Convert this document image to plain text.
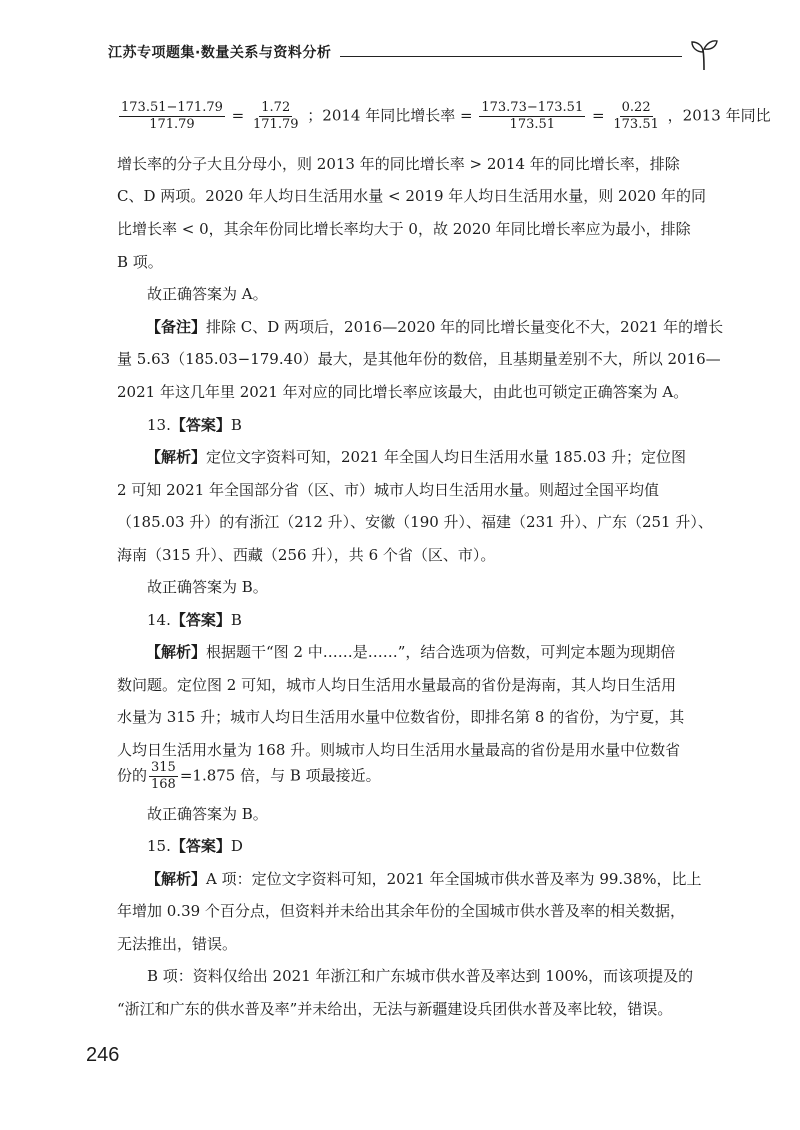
江苏专项题集·数量关系与资料分析
$\frac{173.51-171.79}{171.79} = \frac{1.72}{171.79}$ ；2014 年同比增长率 = $\frac{173.73-173.51}{173.51} = \frac{0.22}{173.51}$ ，2013 年同比
增长率的分子大且分母小，则 2013 年的同比增长率 > 2014 年的同比增长率，排除
C、D 两项。2020 年人均日生活用水量 < 2019 年人均日生活用水量，则 2020 年的同
比增长率 < 0，其余年份同比增长率均大于 0，故 2020 年同比增长率应为最小，排除
B 项。
故正确答案为 A。
【备注】排除 C、D 两项后，2016—2020 年的同比增长量变化不大，2021 年的增长
量 5.63（185.03−179.40）最大，是其他年份的数倍，且基期量差别不大，所以 2016—
2021 年这几年里 2021 年对应的同比增长率应该最大，由此也可锁定正确答案为 A。
13.【答案】B
【解析】定位文字资料可知，2021 年全国人均日生活用水量 185.03 升；定位图
2 可知 2021 年全国部分省（区、市）城市人均日生活用水量。则超过全国平均值
（185.03 升）的有浙江（212 升）、安徽（190 升）、福建（231 升）、广东（251 升）、
海南（315 升）、西藏（256 升），共 6 个省（区、市）。
故正确答案为 B。
14.【答案】B
【解析】根据题干“图 2 中……是……”，结合选项为倍数，可判定本题为现期倍
数问题。定位图 2 可知，城市人均日生活用水量最高的省份是海南，其人均日生活用
水量为 315 升；城市人均日生活用水量中位数省份，即排名第 8 的省份，为宁夏，其
人均日生活用水量为 168 升。则城市人均日生活用水量最高的省份是用水量中位数省
份的 $\frac{315}{168} =1.875$ 倍，与 B 项最接近。
故正确答案为 B。
15.【答案】D
【解析】A 项：定位文字资料可知，2021 年全国城市供水普及率为 99.38%，比上
年增加 0.39 个百分点，但资料并未给出其余年份的全国城市供水普及率的相关数据，
无法推出，错误。
B 项：资料仅给出 2021 年浙江和广东城市供水普及率达到 100%，而该项提及的
“浙江和广东的供水普及率”并未给出，无法与新疆建设兵团供水普及率比较，错误。
246
